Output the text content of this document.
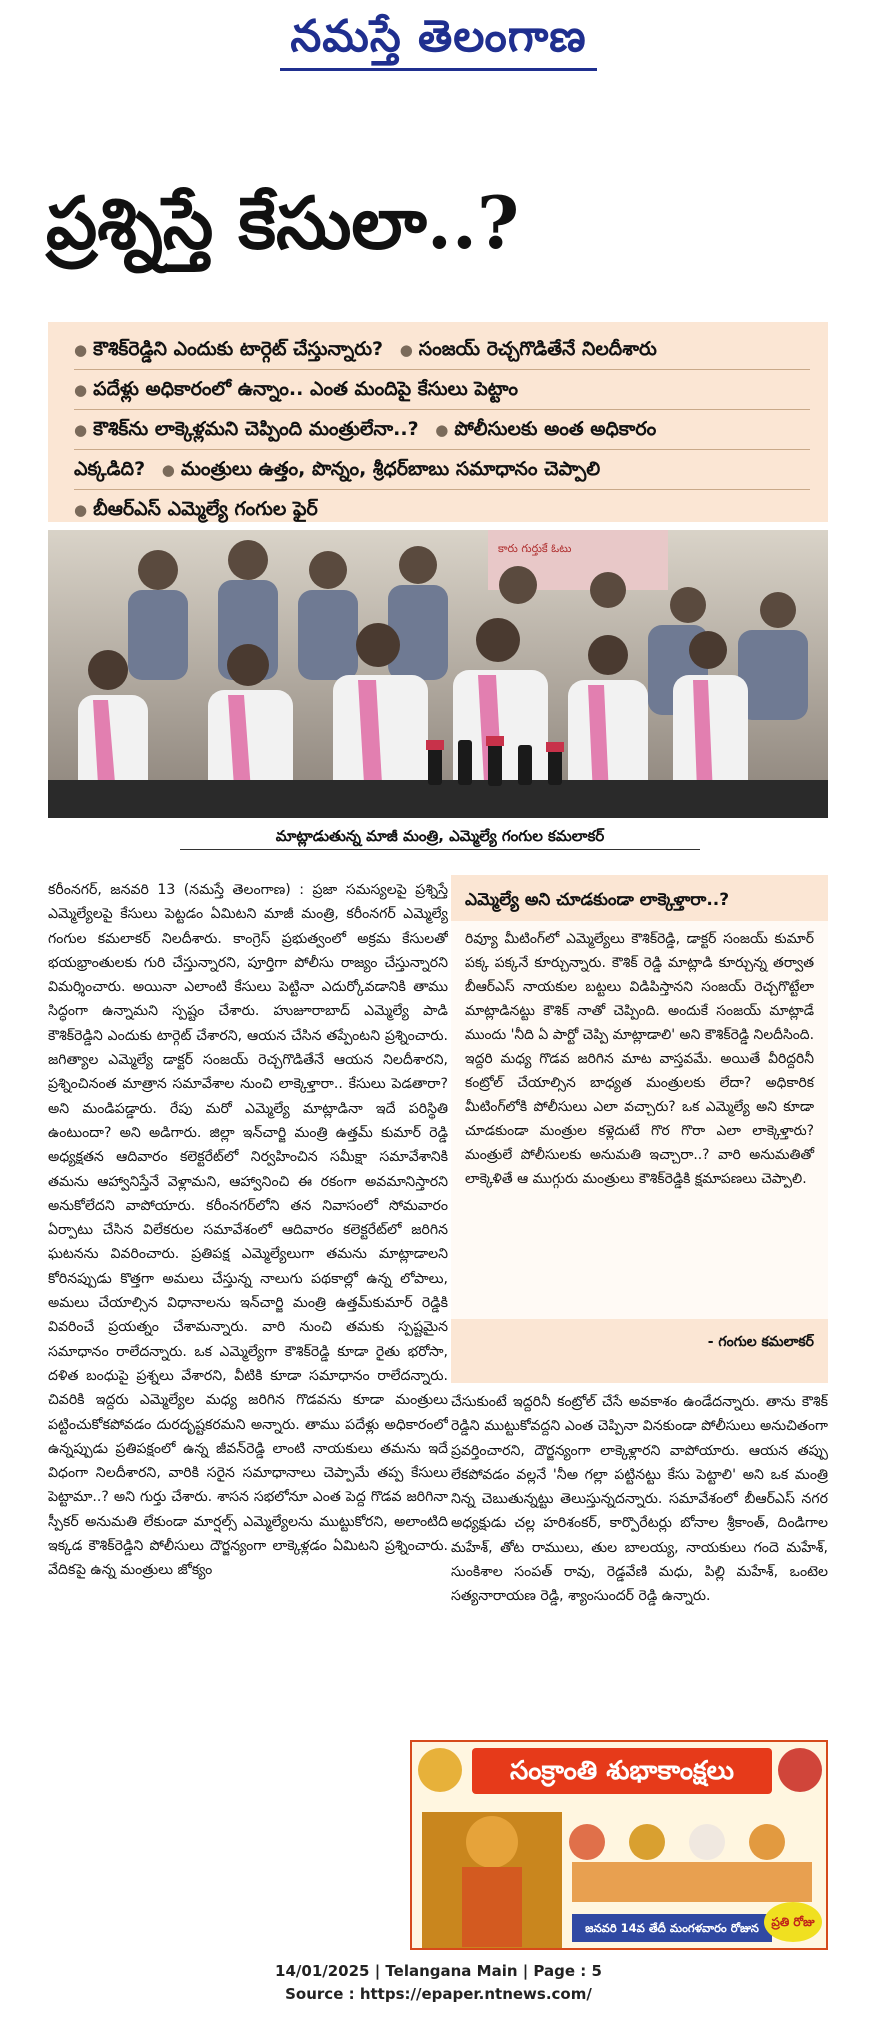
నమస్తే తెలంగాణ
ప్రశ్నిస్తే కేసులా..?
● కౌశిక్‌రెడ్డిని ఎందుకు టార్గెట్ చేస్తున్నారు? ● సంజయ్ రెచ్చగొడితేనే నిలదీశారు
● పదేళ్లు అధికారంలో ఉన్నాం.. ఎంత మందిపై కేసులు పెట్టాం
● కౌశిక్‌ను లాక్కెళ్లమని చెప్పింది మంత్రులేనా..? ● పోలీసులకు అంత అధికారం
ఎక్కడిది? ● మంత్రులు ఉత్తం, పొన్నం, శ్రీధర్‌బాబు సమాధానం చెప్పాలి
● బీఆర్‌ఎస్ ఎమ్మెల్యే గంగుల ఫైర్
కారు గుర్తుకే ఓటు
మాట్లాడుతున్న మాజీ మంత్రి, ఎమ్మెల్యే గంగుల కమలాకర్
కరీంనగర్, జనవరి 13 (నమస్తే తెలంగాణ) : ప్రజా సమస్యలపై ప్రశ్నిస్తే ఎమ్మెల్యేలపై కేసులు పెట్టడం ఏమిటని మాజీ మంత్రి, కరీంనగర్ ఎమ్మెల్యే గంగుల కమలాకర్ నిలదీశారు. కాంగ్రెస్ ప్రభుత్వంలో అక్రమ కేసులతో భయభ్రాంతులకు గురి చేస్తున్నారని, పూర్తిగా పోలీసు రాజ్యం చేస్తున్నారని విమర్శించారు. అయినా ఎలాంటి కేసులు పెట్టినా ఎదుర్కోవడానికి తాము సిద్ధంగా ఉన్నామని స్పష్టం చేశారు. హుజూరాబాద్ ఎమ్మెల్యే పాడి కౌశిక్‌రెడ్డిని ఎందుకు టార్గెట్ చేశారని, ఆయన చేసిన తప్పేంటని ప్రశ్నించారు. జగిత్యాల ఎమ్మెల్యే డాక్టర్ సంజయ్ రెచ్చగొడితేనే ఆయన నిలదీశారని, ప్రశ్నించినంత మాత్రాన సమావేశాల నుంచి లాక్కెళ్తారా.. కేసులు పెడతారా? అని మండిపడ్డారు. రేపు మరో ఎమ్మెల్యే మాట్లాడినా ఇదే పరిస్థితి ఉంటుందా? అని అడిగారు. జిల్లా ఇన్‌చార్జి మంత్రి ఉత్తమ్ కుమార్ రెడ్డి అధ్యక్షతన ఆదివారం కలెక్టరేట్‌లో నిర్వహించిన సమీక్షా సమావేశానికి తమను ఆహ్వానిస్తేనే వెళ్లామని, ఆహ్వానించి ఈ రకంగా అవమానిస్తారని అనుకోలేదని వాపోయారు. కరీంనగర్‌లోని తన నివాసంలో సోమవారం ఏర్పాటు చేసిన విలేకరుల సమావేశంలో ఆదివారం కలెక్టరేట్‌లో జరిగిన ఘటనను వివరించారు. ప్రతిపక్ష ఎమ్మెల్యేలుగా తమను మాట్లాడాలని కోరినప్పుడు కొత్తగా అమలు చేస్తున్న నాలుగు పథకాల్లో ఉన్న లోపాలు, అమలు చేయాల్సిన విధానాలను ఇన్‌చార్జి మంత్రి ఉత్తమ్‌కుమార్ రెడ్డికి వివరించే ప్రయత్నం చేశామన్నారు. వారి నుంచి తమకు స్పష్టమైన సమాధానం రాలేదన్నారు. ఒక ఎమ్మెల్యేగా కౌశిక్‌రెడ్డి కూడా రైతు భరోసా, దళిత బంధుపై ప్రశ్నలు వేశారని, వీటికి కూడా సమాధానం రాలేదన్నారు. చివరికి ఇద్దరు ఎమ్మెల్యేల మధ్య జరిగిన గొడవను కూడా మంత్రులు పట్టించుకోకపోవడం దురదృష్టకరమని అన్నారు. తాము పదేళ్లు అధికారంలో ఉన్నప్పుడు ప్రతిపక్షంలో ఉన్న జీవన్‌రెడ్డి లాంటి నాయకులు తమను ఇదే విధంగా నిలదీశారని, వారికి సరైన సమాధానాలు చెప్పామే తప్ప కేసులు పెట్టామా..? అని గుర్తు చేశారు. శాసన సభలోనూ ఎంత పెద్ద గొడవ జరిగినా స్పీకర్ అనుమతి లేకుండా మార్షల్స్ ఎమ్మెల్యేలను ముట్టుకోరని, అలాంటిది ఇక్కడ కౌశిక్‌రెడ్డిని పోలీసులు దౌర్జన్యంగా లాక్కెళ్లడం ఏమిటని ప్రశ్నించారు. వేదికపై ఉన్న మంత్రులు జోక్యం
ఎమ్మెల్యే అని చూడకుండా లాక్కెళ్తారా..?
రివ్యూ మీటింగ్‌లో ఎమ్మెల్యేలు కౌశిక్‌రెడ్డి, డాక్టర్ సంజయ్ కుమార్ పక్క పక్కనే కూర్చున్నారు. కౌశిక్ రెడ్డి మాట్లాడి కూర్చున్న తర్వాత బీఆర్‌ఎస్ నాయకుల బట్టలు విడిపిస్తానని సంజయ్ రెచ్చగొట్టేలా మాట్లాడినట్టు కౌశిక్ నాతో చెప్పింది. అందుకే సంజయ్ మాట్లాడే ముందు 'నీది ఏ పార్టో చెప్పి మాట్లాడాలి' అని కౌశిక్‌రెడ్డి నిలదీసింది. ఇద్దరి మధ్య గొడవ జరిగిన మాట వాస్తవమే. అయితే వీరిద్దరినీ కంట్రోల్ చేయాల్సిన బాధ్యత మంత్రులకు లేదా? అధికారిక మీటింగ్‌లోకి పోలీసులు ఎలా వచ్చారు? ఒక ఎమ్మెల్యే అని కూడా చూడకుండా మంత్రుల కళ్లెదుటే గొర గొరా ఎలా లాక్కెళ్తారు? మంత్రులే పోలీసులకు అనుమతి ఇచ్చారా..? వారి అనుమతితో లాక్కెళితే ఆ ముగ్గురు మంత్రులు కౌశిక్‌రెడ్డికి క్షమాపణలు చెప్పాలి.
- గంగుల కమలాకర్
చేసుకుంటే ఇద్దరినీ కంట్రోల్ చేసే అవకాశం ఉండేదన్నారు. తాను కౌశిక్ రెడ్డిని ముట్టుకోవద్దని ఎంత చెప్పినా వినకుండా పోలీసులు అనుచితంగా ప్రవర్తించారని, దౌర్జన్యంగా లాక్కెళ్లారని వాపోయారు. ఆయన తప్పు లేకపోవడం వల్లనే 'నీఅ గల్లా పట్టినట్టు కేసు పెట్టాలి' అని ఒక మంత్రి నిన్న చెబుతున్నట్టు తెలుస్తున్నదన్నారు. సమావేశంలో బీఆర్‌ఎస్ నగర అధ్యక్షుడు చల్ల హరిశంకర్, కార్పొరేటర్లు బోనాల శ్రీకాంత్, దిండిగాల మహేశ్, తోట రాములు, తుల బాలయ్య, నాయకులు గందె మహేశ్, సుంకిశాల సంపత్ రావు, రెడ్డవేణి మధు, పిల్లి మహేశ్, ఒంటెల సత్యనారాయణ రెడ్డి, శ్యాంసుందర్ రెడ్డి ఉన్నారు.
సంక్రాంతి శుభాకాంక్షలు
జనవరి 14వ తేదీ మంగళవారం రోజున	ప్రతి రోజు
14/01/2025 | Telangana Main | Page : 5
Source : https://epaper.ntnews.com/
